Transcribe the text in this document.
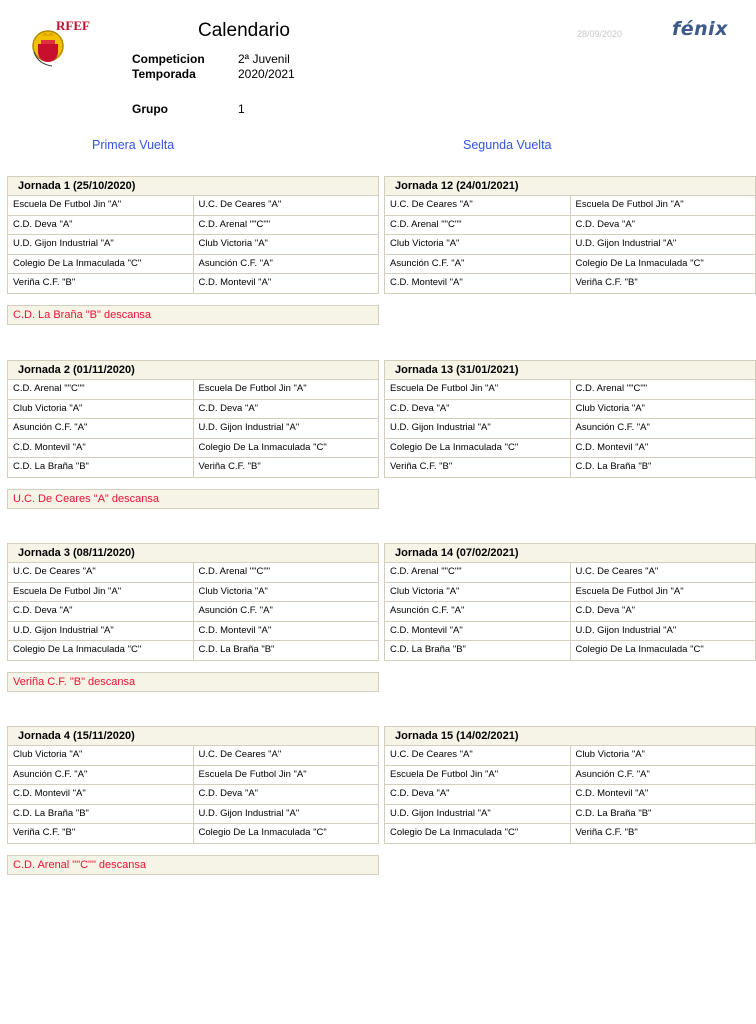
RFEF	Calendario	28/09/2020	fénix
Competicion	2ª Juvenil
Temporada	2020/2021
Grupo	1
Primera Vuelta	Segunda Vuelta
Jornada 1 (25/10/2020)
Escuela De Futbol Jin "A"	U.C. De Ceares "A"
C.D. Deva "A"	C.D. Arenal ""C""
U.D. Gijon Industrial "A"	Club Victoria "A"
Colegio De La Inmaculada "C"	Asunción C.F. "A"
Veriña C.F. "B"	C.D. Montevil "A"
Jornada 12 (24/01/2021)
U.C. De Ceares "A"	Escuela De Futbol Jin "A"
C.D. Arenal ""C""	C.D. Deva "A"
Club Victoria "A"	U.D. Gijon Industrial "A"
Asunción C.F. "A"	Colegio De La Inmaculada "C"
C.D. Montevil "A"	Veriña C.F. "B"
C.D. La Braña "B" descansa
Jornada 2 (01/11/2020)
C.D. Arenal ""C""	Escuela De Futbol Jin "A"
Club Victoria "A"	C.D. Deva "A"
Asunción C.F. "A"	U.D. Gijon Industrial "A"
C.D. Montevil "A"	Colegio De La Inmaculada "C"
C.D. La Braña "B"	Veriña C.F. "B"
Jornada 13 (31/01/2021)
Escuela De Futbol Jin "A"	C.D. Arenal ""C""
C.D. Deva "A"	Club Victoria "A"
U.D. Gijon Industrial "A"	Asunción C.F. "A"
Colegio De La Inmaculada "C"	C.D. Montevil "A"
Veriña C.F. "B"	C.D. La Braña "B"
U.C. De Ceares "A" descansa
Jornada 3 (08/11/2020)
U.C. De Ceares "A"	C.D. Arenal ""C""
Escuela De Futbol Jin "A"	Club Victoria "A"
C.D. Deva "A"	Asunción C.F. "A"
U.D. Gijon Industrial "A"	C.D. Montevil "A"
Colegio De La Inmaculada "C"	C.D. La Braña "B"
Jornada 14 (07/02/2021)
C.D. Arenal ""C""	U.C. De Ceares "A"
Club Victoria "A"	Escuela De Futbol Jin "A"
Asunción C.F. "A"	C.D. Deva "A"
C.D. Montevil "A"	U.D. Gijon Industrial "A"
C.D. La Braña "B"	Colegio De La Inmaculada "C"
Veriña C.F. "B" descansa
Jornada 4 (15/11/2020)
Club Victoria "A"	U.C. De Ceares "A"
Asunción C.F. "A"	Escuela De Futbol Jin "A"
C.D. Montevil "A"	C.D. Deva "A"
C.D. La Braña "B"	U.D. Gijon Industrial "A"
Veriña C.F. "B"	Colegio De La Inmaculada "C"
Jornada 15 (14/02/2021)
U.C. De Ceares "A"	Club Victoria "A"
Escuela De Futbol Jin "A"	Asunción C.F. "A"
C.D. Deva "A"	C.D. Montevil "A"
U.D. Gijon Industrial "A"	C.D. La Braña "B"
Colegio De La Inmaculada "C"	Veriña C.F. "B"
C.D. Arenal ""C"" descansa
